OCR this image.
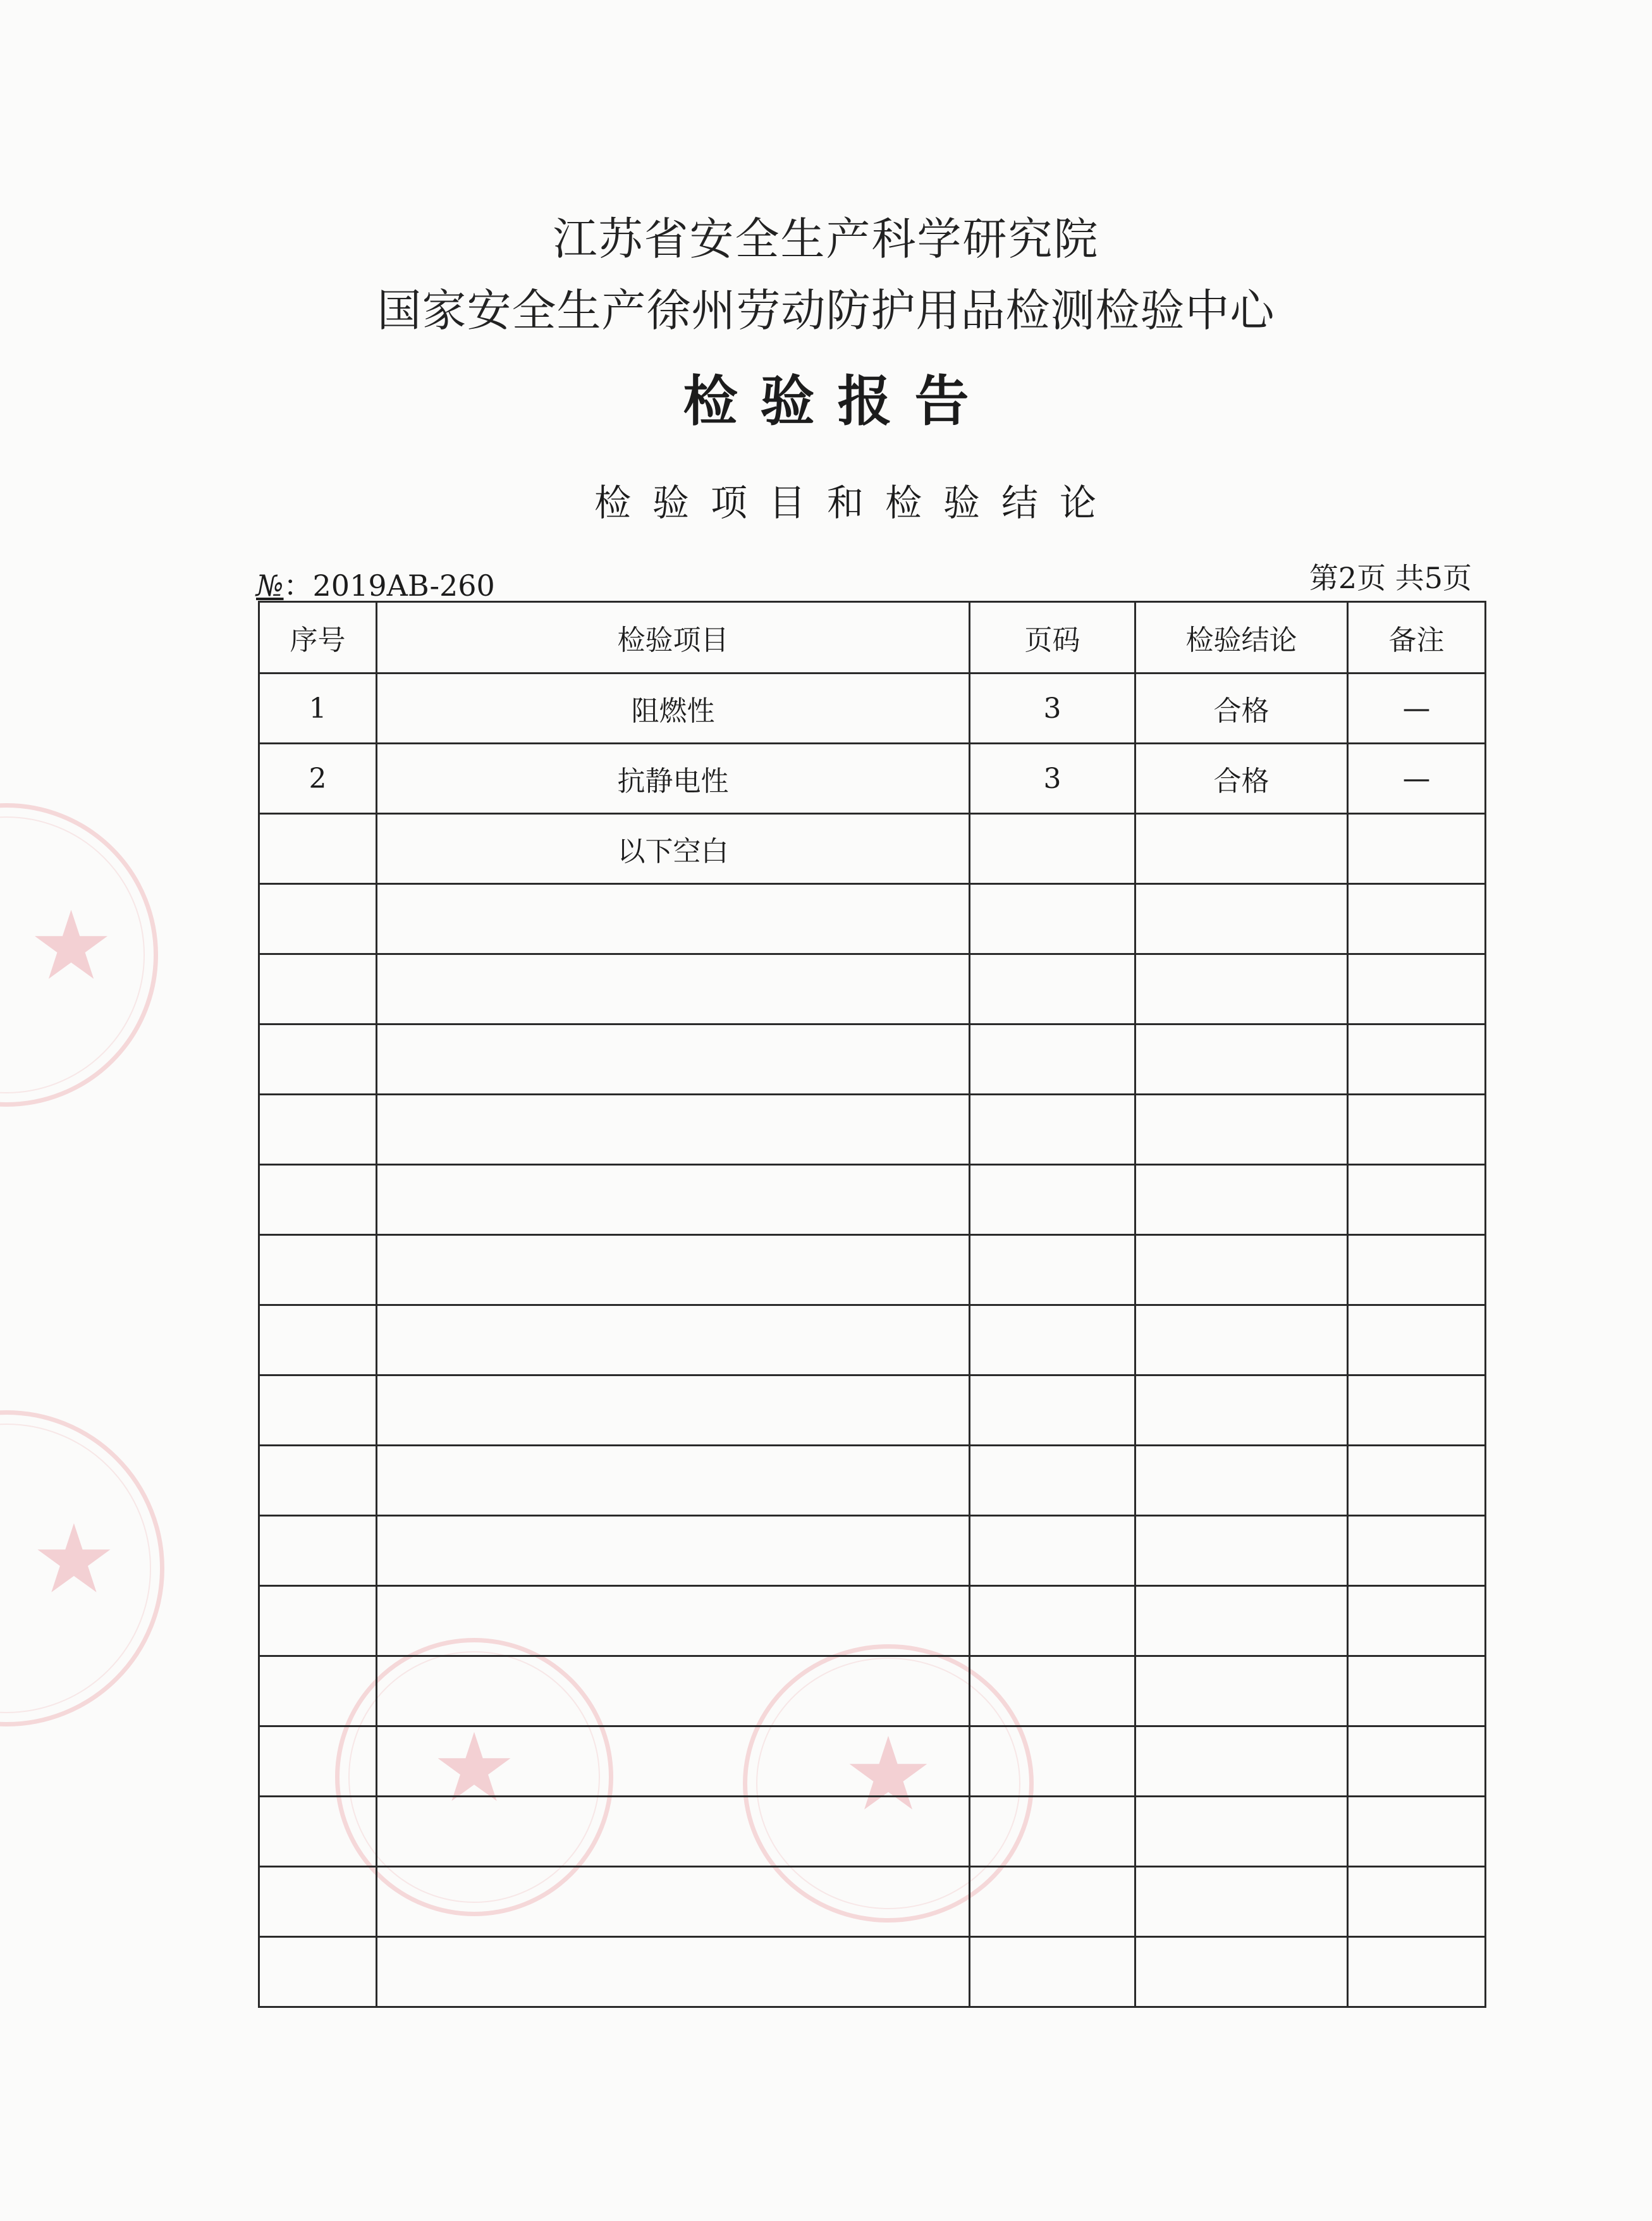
★
★
★	★
江苏省安全生产科学研究院
国家安全生产徐州劳动防护用品检测检验中心
检验报告
检验项目和检验结论
№：2019AB-260	第2页 共5页
序号	检验项目	页码	检验结论	备注
1	阻燃性	3	合格	—
2	抗静电性	3	合格	—
	以下空白			
